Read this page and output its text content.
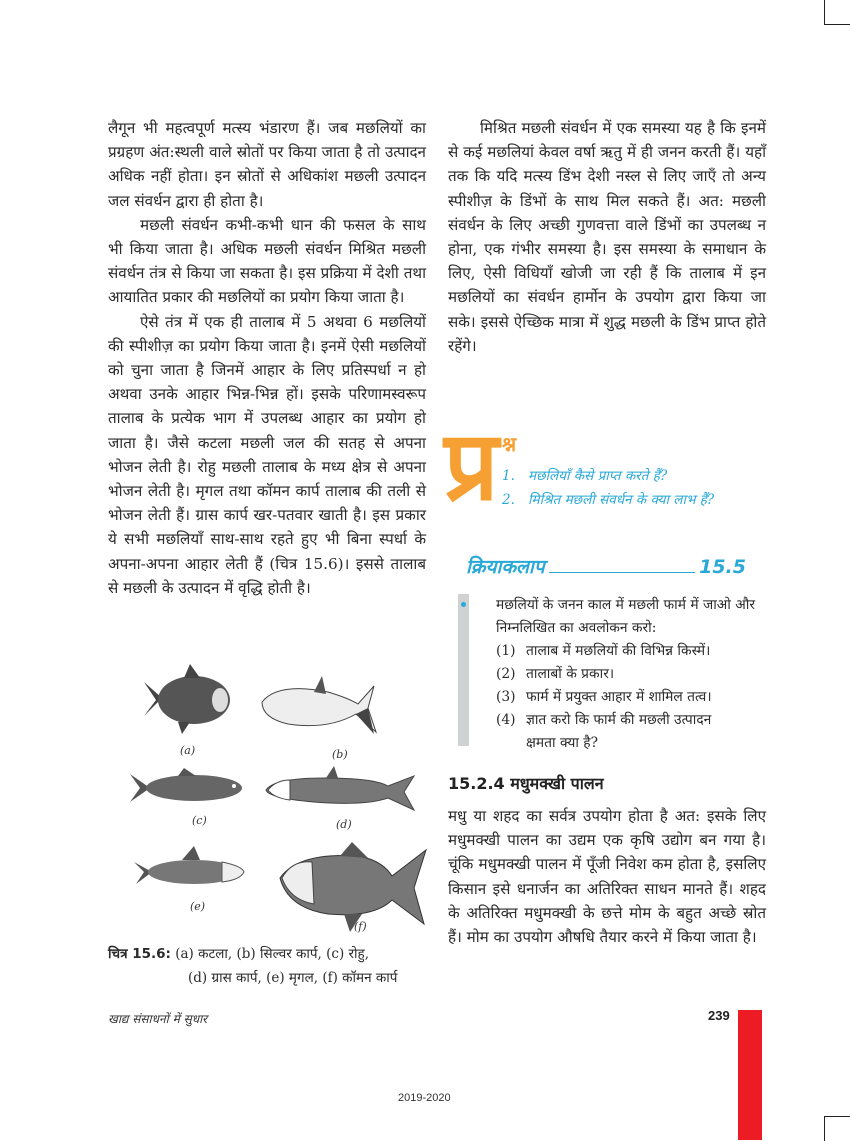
लैगून भी महत्वपूर्ण मत्स्य भंडारण हैं। जब मछलियों का प्रग्रहण अंत:स्थली वाले स्रोतों पर किया जाता है तो उत्पादन अधिक नहीं होता। इन स्रोतों से अधिकांश मछली उत्पादन जल संवर्धन द्वारा ही होता है।

मछली संवर्धन कभी-कभी धान की फसल के साथ भी किया जाता है। अधिक मछली संवर्धन मिश्रित मछली संवर्धन तंत्र से किया जा सकता है। इस प्रक्रिया में देशी तथा आयातित प्रकार की मछलियों का प्रयोग किया जाता है।

ऐसे तंत्र में एक ही तालाब में 5 अथवा 6 मछलियों की स्पीशीज़ का प्रयोग किया जाता है। इनमें ऐसी मछलियों को चुना जाता है जिनमें आहार के लिए प्रतिस्पर्धा न हो अथवा उनके आहार भिन्न-भिन्न हों। इसके परिणामस्वरूप तालाब के प्रत्येक भाग में उपलब्ध आहार का प्रयोग हो जाता है। जैसे कटला मछली जल की सतह से अपना भोजन लेती है। रोहु मछली तालाब के मध्य क्षेत्र से अपना भोजन लेती है। मृगल तथा कॉमन कार्प तालाब की तली से भोजन लेती हैं। ग्रास कार्प खर-पतवार खाती है। इस प्रकार ये सभी मछलियाँ साथ-साथ रहते हुए भी बिना स्पर्धा के अपना-अपना आहार लेती हैं (चित्र 15.6)। इससे तालाब से मछली के उत्पादन में वृद्धि होती है।

(a)	(b)
(c)	(d)
(e)
(f)
चित्र 15.6: (a) कटला, (b) सिल्वर कार्प, (c) रोहु,
(d) ग्रास कार्प, (e) मृगल, (f) कॉमन कार्प

मिश्रित मछली संवर्धन में एक समस्या यह है कि इनमें से कई मछलियां केवल वर्षा ऋतु में ही जनन करती हैं। यहाँ तक कि यदि मत्स्य डिंभ देशी नस्ल से लिए जाएँ तो अन्य स्पीशीज़ के डिंभों के साथ मिल सकते हैं। अत: मछली संवर्धन के लिए अच्छी गुणवत्ता वाले डिंभों का उपलब्ध न होना, एक गंभीर समस्या है। इस समस्या के समाधान के लिए, ऐसी विधियाँ खोजी जा रही हैं कि तालाब में इन मछलियों का संवर्धन हार्मोन के उपयोग द्वारा किया जा सके। इससे ऐच्छिक मात्रा में शुद्ध मछली के डिंभ प्राप्त होते रहेंगे।

प्र श्न
1. मछलियाँ कैसे प्राप्त करते हैं?
2. मिश्रित मछली संवर्धन के क्या लाभ हैं?
क्रियाकलाप	15.5
मछलियों के जनन काल में मछली फार्म में जाओ और निम्नलिखित का अवलोकन करो:
(1) तालाब में मछलियों की विभिन्न किस्में।
(2) तालाबों के प्रकार।
(3) फार्म में प्रयुक्त आहार में शामिल तत्व।
(4) ज्ञात करो कि फार्म की मछली उत्पादन
क्षमता क्या है?
15.2.4 मधुमक्खी पालन

मधु या शहद का सर्वत्र उपयोग होता है अत: इसके लिए मधुमक्खी पालन का उद्यम एक कृषि उद्योग बन गया है। चूंकि मधुमक्खी पालन में पूँजी निवेश कम होता है, इसलिए किसान इसे धनार्जन का अतिरिक्त साधन मानते हैं। शहद के अतिरिक्त मधुमक्खी के छत्ते मोम के बहुत अच्छे स्रोत हैं। मोम का उपयोग औषधि तैयार करने में किया जाता है।

खाद्य संसाधनों में सुधार	239
2019-2020
